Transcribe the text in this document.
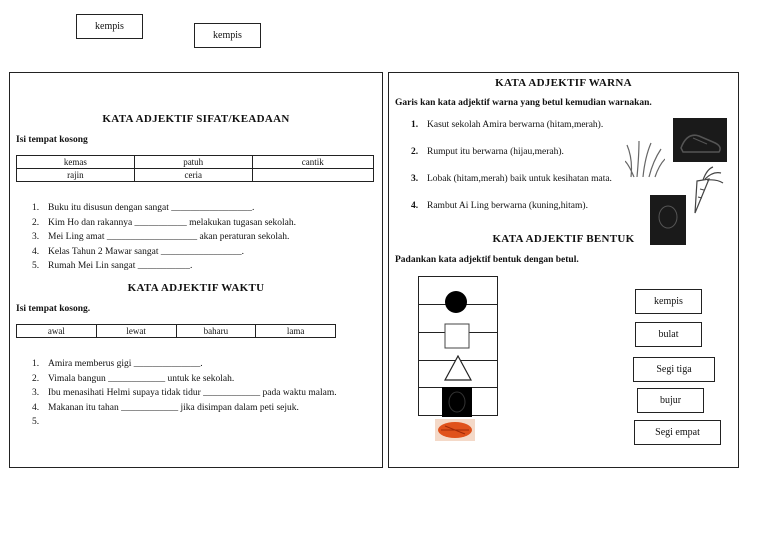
kempis
kempis
KATA ADJEKTIF SIFAT/KEADAAN
Isi tempat kosong
kemas	patuh	cantik
rajin	ceria	
1. Buku itu disusun dengan sangat _________________.
2. Kim Ho dan rakannya ___________ melakukan tugasan sekolah.
3. Mei Ling amat ___________________ akan peraturan sekolah.
4. Kelas Tahun 2 Mawar sangat _________________.
5. Rumah Mei Lin sangat ___________.
KATA ADJEKTIF WAKTU
Isi tempat kosong.
awal	lewat	baharu	lama
1. Amira memberus gigi ______________.
2. Vimala bangun ____________ untuk ke sekolah.
3. Ibu menasihati Helmi supaya tidak tidur ____________ pada waktu malam.
4. Makanan itu tahan ____________ jika disimpan dalam peti sejuk.
5.
KATA ADJEKTIF WARNA
Garis kan kata adjektif warna yang betul kemudian warnakan.
1. Kasut sekolah Amira berwarna (hitam,merah).
2. Rumput itu berwarna (hijau,merah).
3. Lobak (hitam,merah) baik untuk kesihatan mata.
4. Rambut Ai Ling berwarna (kuning,hitam).
KATA ADJEKTIF BENTUK
Padankan kata adjektif bentuk dengan betul.
kempis
bulat
Segi tiga
bujur
Segi empat
